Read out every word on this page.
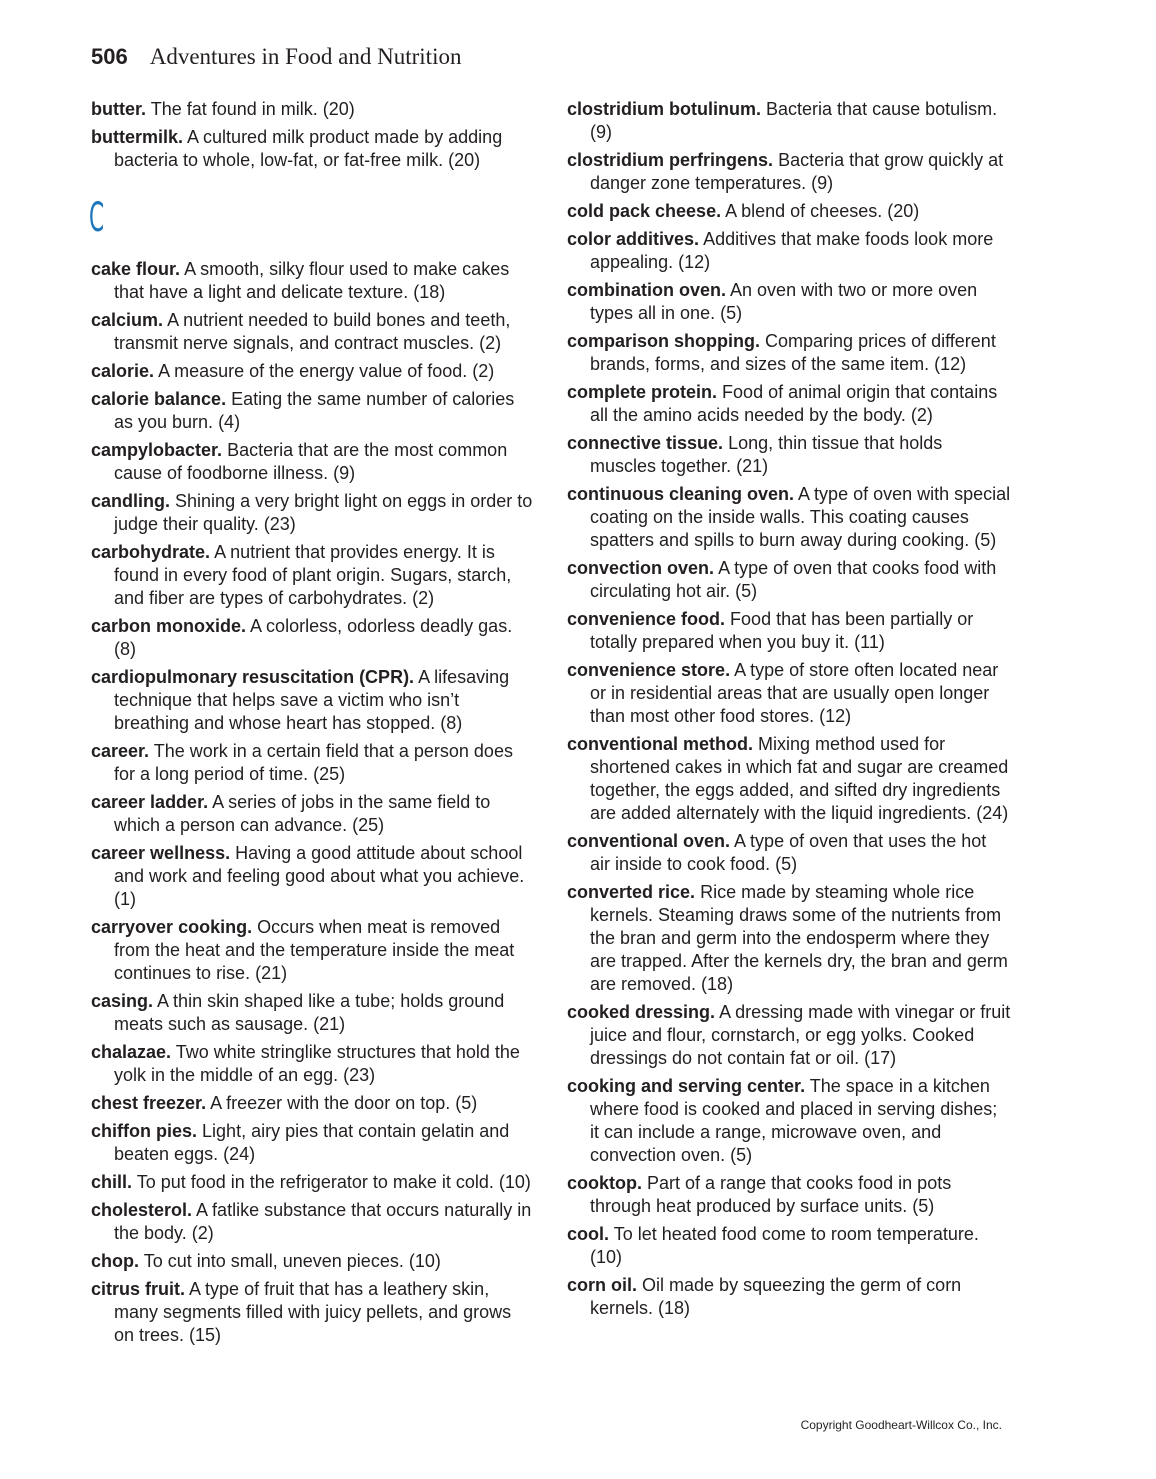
506 Adventures in Food and Nutrition
butter. The fat found in milk. (20)
buttermilk. A cultured milk product made by adding bacteria to whole, low-fat, or fat-free milk. (20)
C
cake flour. A smooth, silky flour used to make cakes that have a light and delicate texture. (18)
calcium. A nutrient needed to build bones and teeth, transmit nerve signals, and contract muscles. (2)
calorie. A measure of the energy value of food. (2)
calorie balance. Eating the same number of calories as you burn. (4)
campylobacter. Bacteria that are the most common cause of foodborne illness. (9)
candling. Shining a very bright light on eggs in order to judge their quality. (23)
carbohydrate. A nutrient that provides energy. It is found in every food of plant origin. Sugars, starch, and fiber are types of carbohydrates. (2)
carbon monoxide. A colorless, odorless deadly gas. (8)
cardiopulmonary resuscitation (CPR). A lifesaving technique that helps save a victim who isn’t breathing and whose heart has stopped. (8)
career. The work in a certain field that a person does for a long period of time. (25)
career ladder. A series of jobs in the same field to which a person can advance. (25)
career wellness. Having a good attitude about school and work and feeling good about what you achieve. (1)
carryover cooking. Occurs when meat is removed from the heat and the temperature inside the meat continues to rise. (21)
casing. A thin skin shaped like a tube; holds ground meats such as sausage. (21)
chalazae. Two white stringlike structures that hold the yolk in the middle of an egg. (23)
chest freezer. A freezer with the door on top. (5)
chiffon pies. Light, airy pies that contain gelatin and beaten eggs. (24)
chill. To put food in the refrigerator to make it cold. (10)
cholesterol. A fatlike substance that occurs naturally in the body. (2)
chop. To cut into small, uneven pieces. (10)
citrus fruit. A type of fruit that has a leathery skin, many segments filled with juicy pellets, and grows on trees. (15)
clostridium botulinum. Bacteria that cause botulism. (9)
clostridium perfringens. Bacteria that grow quickly at danger zone temperatures. (9)
cold pack cheese. A blend of cheeses. (20)
color additives. Additives that make foods look more appealing. (12)
combination oven. An oven with two or more oven types all in one. (5)
comparison shopping. Comparing prices of different brands, forms, and sizes of the same item. (12)
complete protein. Food of animal origin that contains all the amino acids needed by the body. (2)
connective tissue. Long, thin tissue that holds muscles together. (21)
continuous cleaning oven. A type of oven with special coating on the inside walls. This coating causes spatters and spills to burn away during cooking. (5)
convection oven. A type of oven that cooks food with circulating hot air. (5)
convenience food. Food that has been partially or totally prepared when you buy it. (11)
convenience store. A type of store often located near or in residential areas that are usually open longer than most other food stores. (12)
conventional method. Mixing method used for shortened cakes in which fat and sugar are creamed together, the eggs added, and sifted dry ingredients are added alternately with the liquid ingredients. (24)
conventional oven. A type of oven that uses the hot air inside to cook food. (5)
converted rice. Rice made by steaming whole rice kernels. Steaming draws some of the nutrients from the bran and germ into the endosperm where they are trapped. After the kernels dry, the bran and germ are removed. (18)
cooked dressing. A dressing made with vinegar or fruit juice and flour, cornstarch, or egg yolks. Cooked dressings do not contain fat or oil. (17)
cooking and serving center. The space in a kitchen where food is cooked and placed in serving dishes; it can include a range, microwave oven, and convection oven. (5)
cooktop. Part of a range that cooks food in pots through heat produced by surface units. (5)
cool. To let heated food come to room temperature. (10)
corn oil. Oil made by squeezing the germ of corn kernels. (18)
Copyright Goodheart-Willcox Co., Inc.
